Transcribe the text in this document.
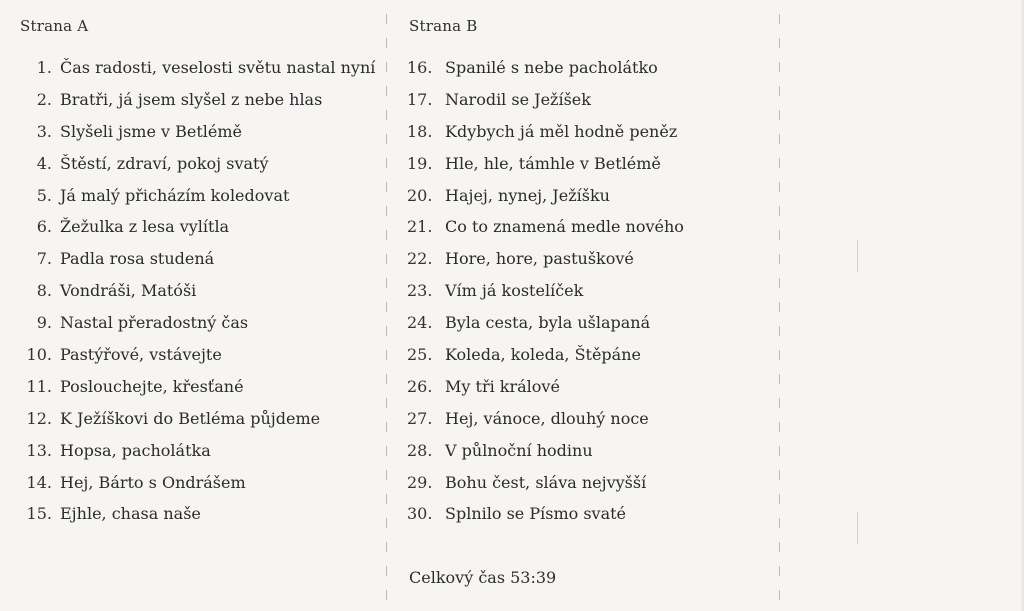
Strana A	Strana B
1. Čas radosti, veselosti světu nastal nyní
2. Bratři, já jsem slyšel z nebe hlas
3. Slyšeli jsme v Betlémě
4. Štěstí, zdraví, pokoj svatý
5. Já malý přicházím koledovat
6. Žežulka z lesa vylítla
7. Padla rosa studená
8. Vondráši, Matóši
9. Nastal přeradostný čas
10. Pastýřové, vstávejte
11. Poslouchejte, křesťané
12. K Ježíškovi do Betléma půjdeme
13. Hopsa, pacholátka
14. Hej, Bárto s Ondrášem
15. Ejhle, chasa naše
16. Spanilé s nebe pacholátko
17. Narodil se Ježíšek
18. Kdybych já měl hodně peněz
19. Hle, hle, támhle v Betlémě
20. Hajej, nynej, Ježíšku
21. Co to znamená medle nového
22. Hore, hore, pastuškové
23. Vím já kostelíček
24. Byla cesta, byla ušlapaná
25. Koleda, koleda, Štěpáne
26. My tři králové
27. Hej, vánoce, dlouhý noce
28. V půlnoční hodinu
29. Bohu čest, sláva nejvyšší
30. Splnilo se Písmo svaté
Celkový čas 53:39
